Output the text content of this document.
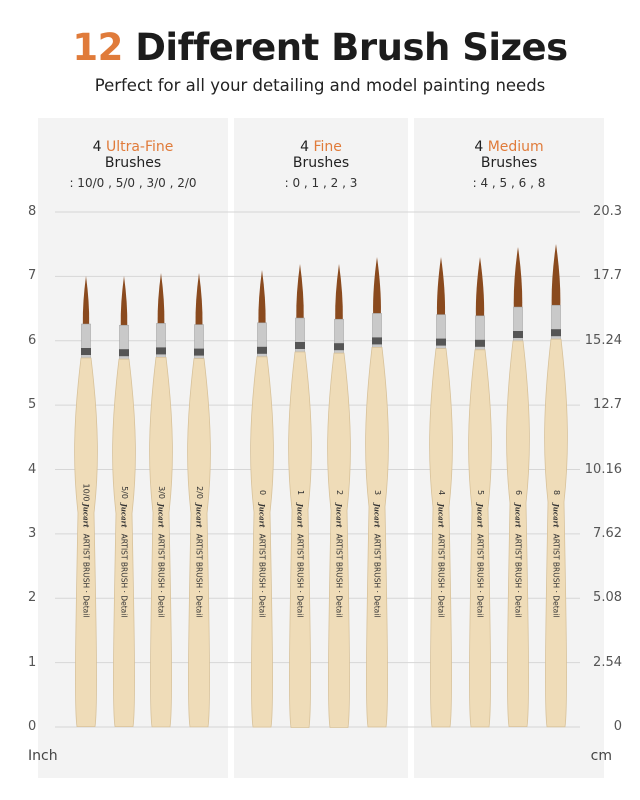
12 Different Brush Sizes
Perfect for all your detailing and model painting needs
4 Ultra-Fine
Brushes
: 10/0 , 5/0 , 3/0 , 2/0
4 Fine
Brushes
: 0 , 1 , 2 , 3
4 Medium
Brushes
: 4 , 5 , 6 , 8
0
1
2
3
4
5
6
7
8
0
2.54
5.08
7.62
10.16
12.7
15.24
17.7
20.3
Inch	cm
10/0
Jucart
ARTIST BRUSH · Detail
5/0
Jucart
ARTIST BRUSH · Detail
3/0
Jucart
ARTIST BRUSH · Detail
2/0
Jucart
ARTIST BRUSH · Detail
0
Jucart
ARTIST BRUSH · Detail
1
Jucart
ARTIST BRUSH · Detail
2
Jucart
ARTIST BRUSH · Detail
3
Jucart
ARTIST BRUSH · Detail
4
Jucart
ARTIST BRUSH · Detail
5
Jucart
ARTIST BRUSH · Detail
6
Jucart
ARTIST BRUSH · Detail
8
Jucart
ARTIST BRUSH · Detail
